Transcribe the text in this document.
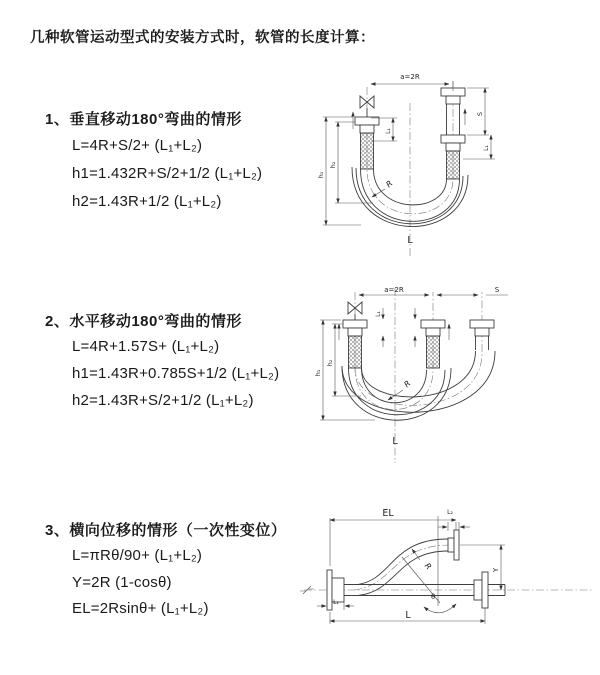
几种软管运动型式的安装方式时，软管的长度计算：
1、垂直移动180°弯曲的情形
L=4R+S/2+ (L₁+L₂)
h1=1.432R+S/2+1/2 (L₁+L₂)
h2=1.43R+1/2 (L₁+L₂)
2、水平移动180°弯曲的情形
L=4R+1.57S+ (L₁+L₂)
h1=1.43R+0.785S+1/2 (L₁+L₂)
h2=1.43R+S/2+1/2 (L₁+L₂)
3、横向位移的情形（一次性变位）
L=πRθ/90+ (L₁+L₂)
Y=2R (1-cosθ)
EL=2Rsinθ+ (L₁+L₂)
a=2R
S
L₁
L₁
h₁
h₂
R
L
a=2R	S
L₁
h₁
h₂
R
L
θ
EL	L₂
Y
L₁
L
R
